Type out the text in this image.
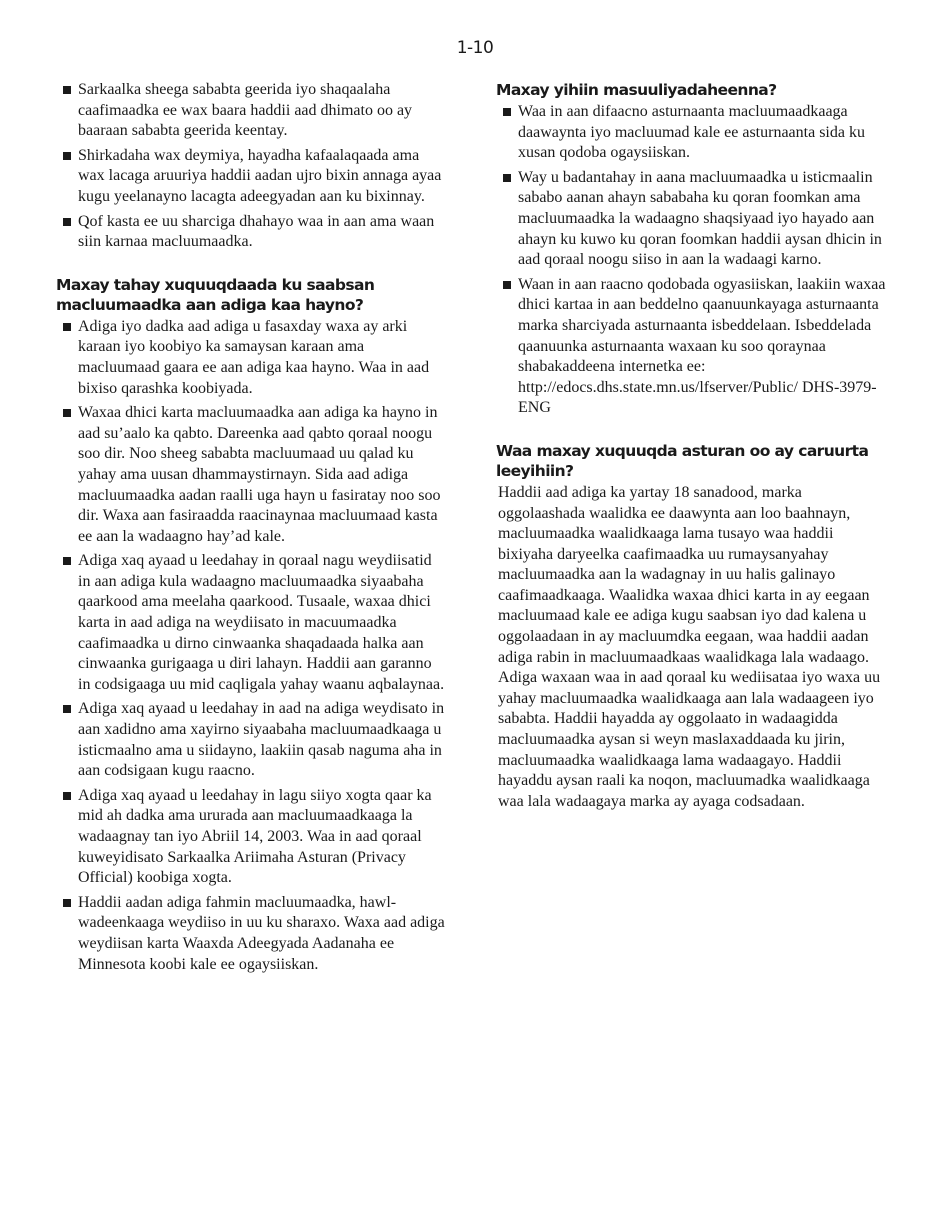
1-10
Sarkaalka sheega sababta geerida iyo shaqaalaha caafimaadka ee wax baara haddii aad dhimato oo ay baaraan sababta geerida keentay.
Shirkadaha wax deymiya, hayadha kafaalaqaada ama wax lacaga aruuriya haddii aadan ujro bixin annaga ayaa kugu yeelanayno lacagta adeegyadan aan ku bixinnay.
Qof kasta ee uu sharciga dhahayo waa in aan ama waan siin karnaa macluumaadka.
Maxay tahay xuquuqdaada ku saabsan macluumaadka aan adiga kaa hayno?
Adiga iyo dadka aad adiga u fasaxday waxa ay arki karaan iyo koobiyo ka samaysan karaan ama macluumaad gaara ee aan adiga kaa hayno. Waa in aad bixiso qarashka koobiyada.
Waxaa dhici karta macluumaadka aan adiga ka hayno in aad su’aalo ka qabto. Dareenka aad qabto qoraal noogu soo dir. Noo sheeg sababta macluumaad uu qalad ku yahay ama uusan dhammaystirnayn. Sida aad adiga macluumaadka aadan raalli uga hayn u fasiratay noo soo dir. Waxa aan fasiraadda raacinaynaa macluumaad kasta ee aan la wadaagno hay’ad kale.
Adiga xaq ayaad u leedahay in qoraal nagu weydiisatid in aan adiga kula wadaagno macluumaadka siyaabaha qaarkood ama meelaha qaarkood. Tusaale, waxaa dhici karta in aad adiga na weydiisato in macuumaadka caafimaadka u dirno cinwaanka shaqadaada halka aan cinwaanka gurigaaga u diri lahayn. Haddii aan garanno in codsigaaga uu mid caqligala yahay waanu aqbalaynaa.
Adiga xaq ayaad u leedahay in aad na adiga weydisato in aan xadidno ama xayirno siyaabaha macluumaadkaaga u isticmaalno ama u siidayno, laakiin qasab naguma aha in aan codsigaan kugu raacno.
Adiga xaq ayaad u leedahay in lagu siiyo xogta qaar ka mid ah dadka ama ururada aan macluumaadkaaga la wadaagnay tan iyo Abriil 14, 2003. Waa in aad qoraal kuweyidisato Sarkaalka Ariimaha Asturan (Privacy Official) koobiga xogta.
Haddii aadan adiga fahmin macluumaadka, hawl-wadeenkaaga weydiiso in uu ku sharaxo. Waxa aad adiga weydiisan karta Waaxda Adeegyada Aadanaha ee Minnesota koobi kale ee ogaysiiskan.
Maxay yihiin masuuliyadaheenna?
Waa in aan difaacno asturnaanta macluumaadkaaga daawaynta iyo macluumad kale ee asturnaanta sida ku xusan qodoba ogaysiiskan.
Way u badantahay in aana macluumaadka u isticmaalin sababo aanan ahayn sababaha ku qoran foomkan ama macluumaadka la wadaagno shaqsiyaad iyo hayado aan ahayn ku kuwo ku qoran foomkan haddii aysan dhicin in aad qoraal noogu siiso in aan la wadaagi karno.
Waan in aan raacno qodobada ogyasiiskan, laakiin waxaa dhici kartaa in aan beddelno qaanuunkayaga asturnaanta marka sharciyada asturnaanta isbeddelaan. Isbeddelada qaanuunka asturnaanta waxaan ku soo qoraynaa shabakaddeena internetka ee: http://edocs.dhs.state.mn.us/lfserver/Public/ DHS-3979-ENG
Waa maxay xuquuqda asturan oo ay caruurta leeyihiin?

Haddii aad adiga ka yartay 18 sanadood, marka oggolaashada waalidka ee daawynta aan loo baahnayn, macluumaadka waalidkaaga lama tusayo waa haddii bixiyaha daryeelka caafimaadka uu rumaysanyahay macluumaadka aan la wadagnay in uu halis galinayo caafimaadkaaga. Waalidka waxaa dhici karta in ay eegaan macluumaad kale ee adiga kugu saabsan iyo dad kalena u oggolaadaan in ay macluumdka eegaan, waa haddii aadan adiga rabin in macluumaadkaas waalidkaga lala wadaago. Adiga waxaan waa in aad qoraal ku wediisataa iyo waxa uu yahay macluumaadka waalidkaaga aan lala wadaageen iyo sababta. Haddii hayadda ay oggolaato in wadaagidda macluumaadka aysan si weyn maslaxaddaada ku jirin, macluumaadka waalidkaaga lama wadaagayo. Haddii hayaddu aysan raali ka noqon, macluumadka waalidkaaga waa lala wadaagaya marka ay ayaga codsadaan.
